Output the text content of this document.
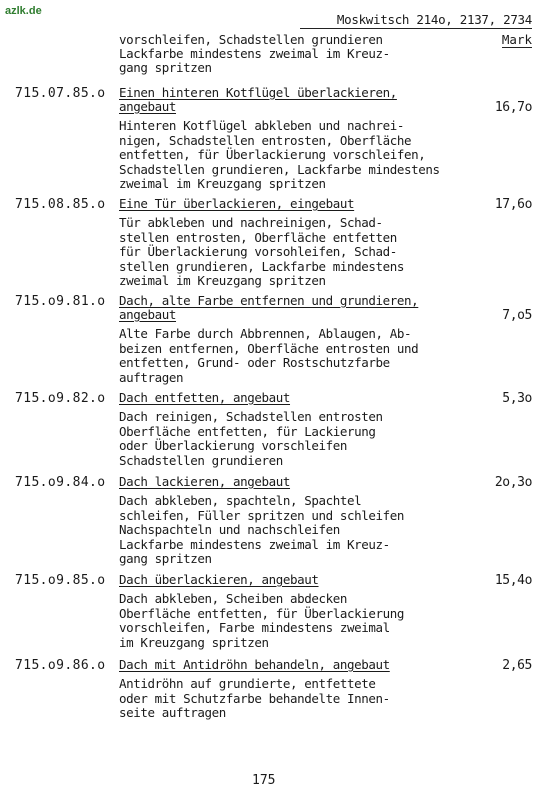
azlk.de
Moskwitsch 214o, 2137, 2734
Mark
vorschleifen, Schadstellen grundieren
Lackfarbe mindestens zweimal im Kreuz-
gang spritzen
715.07.85.o Einen hinteren Kotflügel überlackieren,
angebaut	16,7o
Hinteren Kotflügel abkleben und nachrei-
nigen, Schadstellen entrosten, Oberfläche
entfetten, für Überlackierung vorschleifen,
Schadstellen grundieren, Lackfarbe mindestens
zweimal im Kreuzgang spritzen
715.08.85.o Eine Tür überlackieren, eingebaut	17,6o
Tür abkleben und nachreinigen, Schad-
stellen entrosten, Oberfläche entfetten
für Überlackierung vorsohleifen, Schad-
stellen grundieren, Lackfarbe mindestens
zweimal im Kreuzgang spritzen
715.o9.81.o Dach, alte Farbe entfernen und grundieren,
angebaut	7,o5
Alte Farbe durch Abbrennen, Ablaugen, Ab-
beizen entfernen, Oberfläche entrosten und
entfetten, Grund- oder Rostschutzfarbe
auftragen
715.o9.82.o Dach entfetten, angebaut	5,3o
Dach reinigen, Schadstellen entrosten
Oberfläche entfetten, für Lackierung
oder Überlackierung vorschleifen
Schadstellen grundieren
715.o9.84.o Dach lackieren, angebaut	2o,3o
Dach abkleben, spachteln, Spachtel
schleifen, Füller spritzen und schleifen
Nachspachteln und nachschleifen
Lackfarbe mindestens zweimal im Kreuz-
gang spritzen
715.o9.85.o Dach überlackieren, angebaut	15,4o
Dach abkleben, Scheiben abdecken
Oberfläche entfetten, für Überlackierung
vorschleifen, Farbe mindestens zweimal
im Kreuzgang spritzen
715.o9.86.o Dach mit Antidröhn behandeln, angebaut	2,65
Antidröhn auf grundierte, entfettete
oder mit Schutzfarbe behandelte Innen-
seite auftragen
175
